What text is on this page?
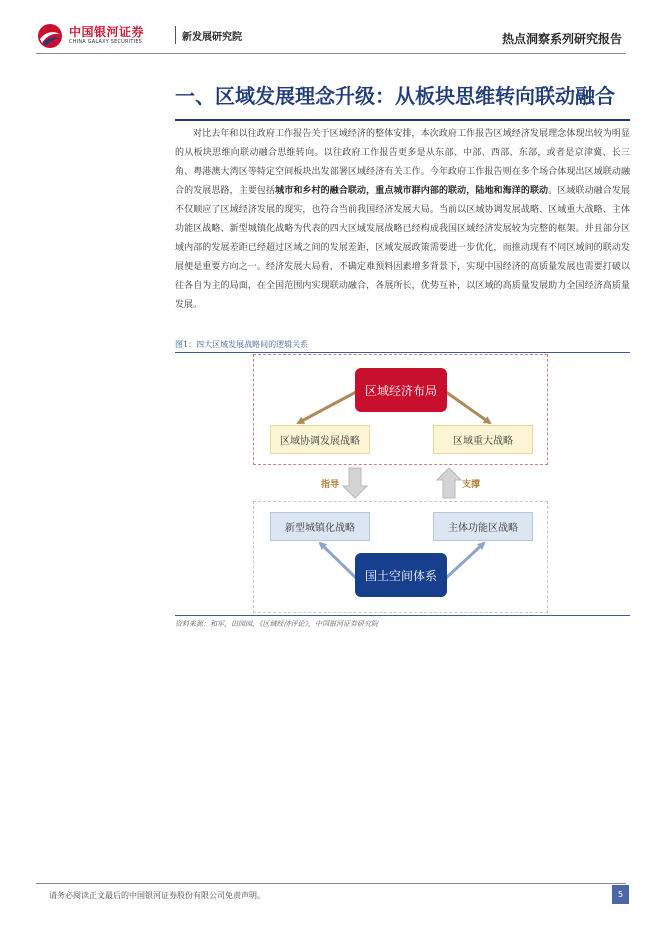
中国银河证券
CHINA GALAXY SECURITIES	新发展研究院	热点洞察系列研究报告
一、区域发展理念升级：从板块思维转向联动融合

对比去年和以往政府工作报告关于区域经济的整体安排，本次政府工作报告区域经济发展理念体现出较为明显的从板块思维向联动融合思维转向。以往政府工作报告更多是从东部、中部、西部、东部，或者是京津冀、长三角、粤港澳大湾区等特定空间板块出发部署区域经济有关工作。今年政府工作报告则在多个场合体现出区域联动融合的发展思路，主要包括城市和乡村的融合联动，重点城市群内部的联动，陆地和海洋的联动。区域联动融合发展不仅顺应了区域经济发展的现实，也符合当前我国经济发展大局。当前以区域协调发展战略、区域重大战略、主体功能区战略、新型城镇化战略为代表的四大区域发展战略已经构成我国区域经济发展较为完整的框架。并且部分区域内部的发展差距已经超过区域之间的发展差距，区域发展政策需要进一步优化，而推动现有不同区域间的联动发展便是重要方向之一。经济发展大局看，不确定难预料因素增多背景下，实现中国经济的高质量发展也需要打破以往各自为主的局面，在全国范围内实现联动融合，各展所长，优势互补，以区域的高质量发展助力全国经济高质量发展。

图1：四大区域发展战略间的逻辑关系
区域经济布局
区域协调发展战略	区域重大战略
指导	支撑
新型城镇化战略	主体功能区战略
国土空间体系
资料来源：和军，田园园，《区域经济评论》，中国银河证券研究院
请务必阅读正文最后的中国银河证券股份有限公司免责声明。	5
